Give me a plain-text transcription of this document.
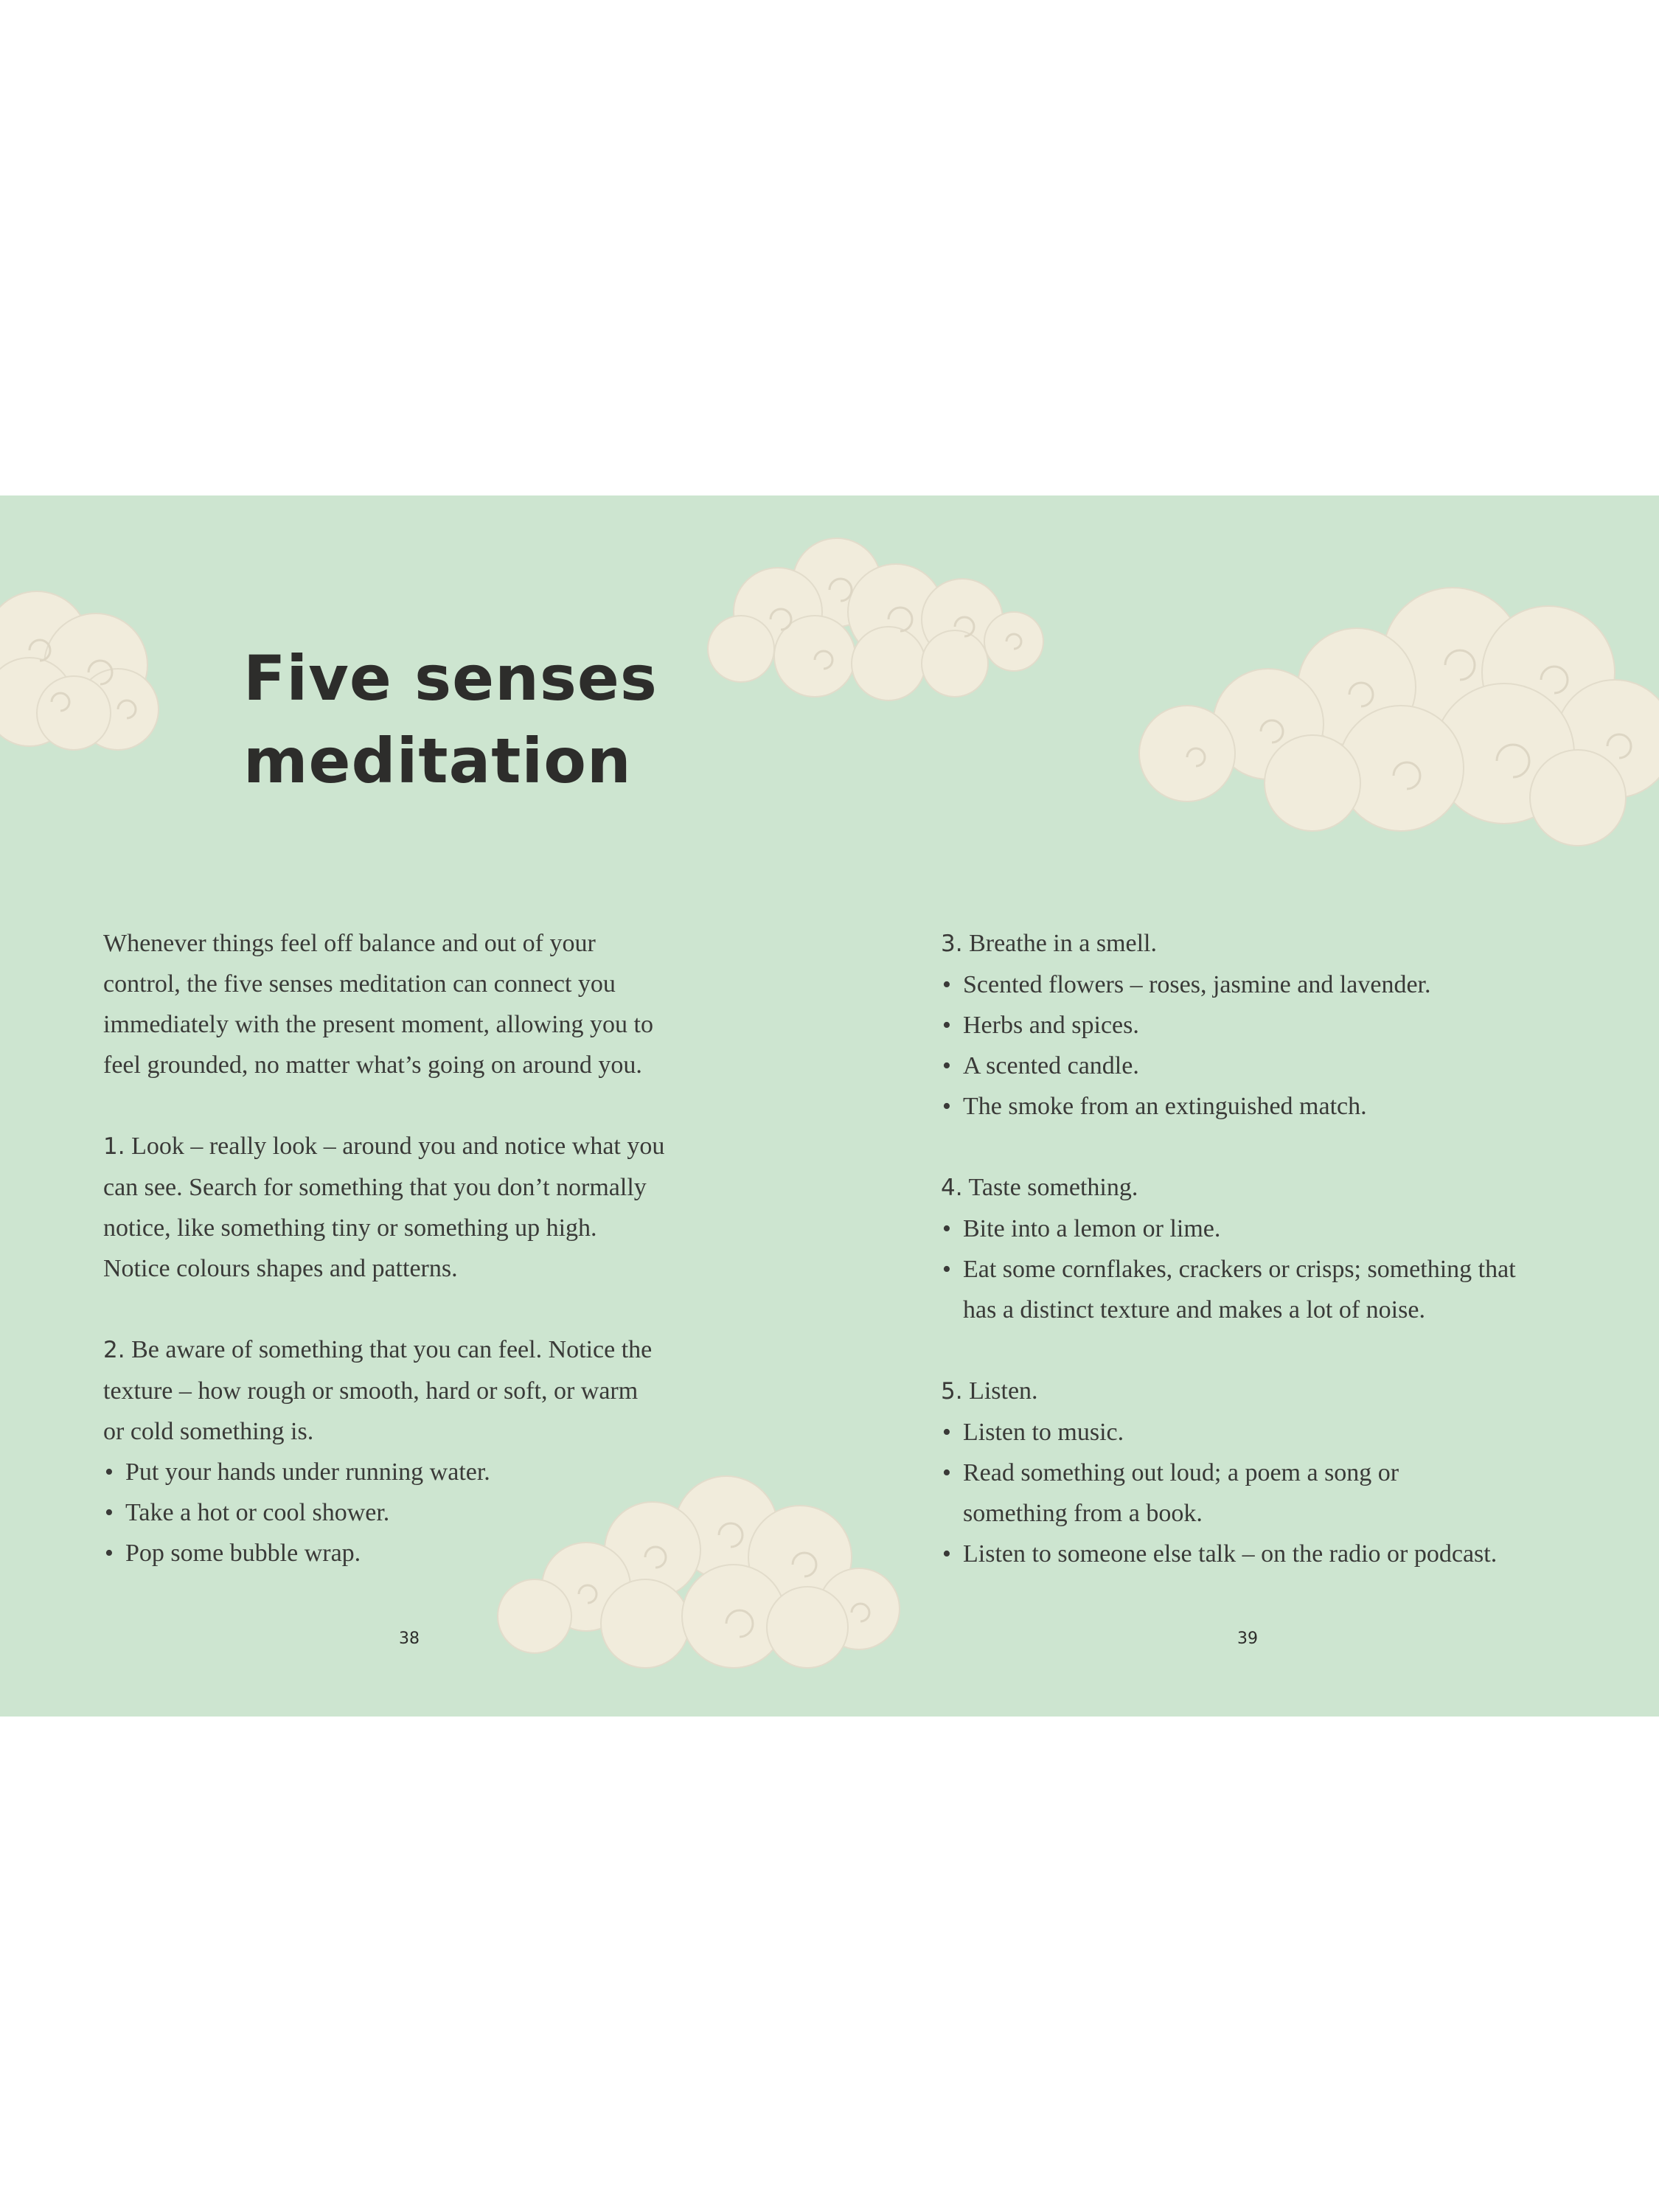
Five senses
meditation

Whenever things feel off balance and out of your

control, the five senses meditation can connect you

immediately with the present moment, allowing you to

feel grounded, no matter what’s going on around you.

1. Look – really look – around you and notice what you

can see. Search for something that you don’t normally

notice, like something tiny or something up high.

Notice colours shapes and patterns.

2. Be aware of something that you can feel. Notice the

texture – how rough or smooth, hard or soft, or warm

or cold something is.

• Put your hands under running water.

• Take a hot or cool shower.

• Pop some bubble wrap.

3. Breathe in a smell.

• Scented flowers – roses, jasmine and lavender.

• Herbs and spices.

• A scented candle.

• The smoke from an extinguished match.

4. Taste something.

• Bite into a lemon or lime.

• Eat some cornflakes, crackers or crisps; something that has a distinct texture and makes a lot of noise.

5. Listen.

• Listen to music.

• Read something out loud; a poem a song or something from a book.

• Listen to someone else talk – on the radio or podcast.

38	39
